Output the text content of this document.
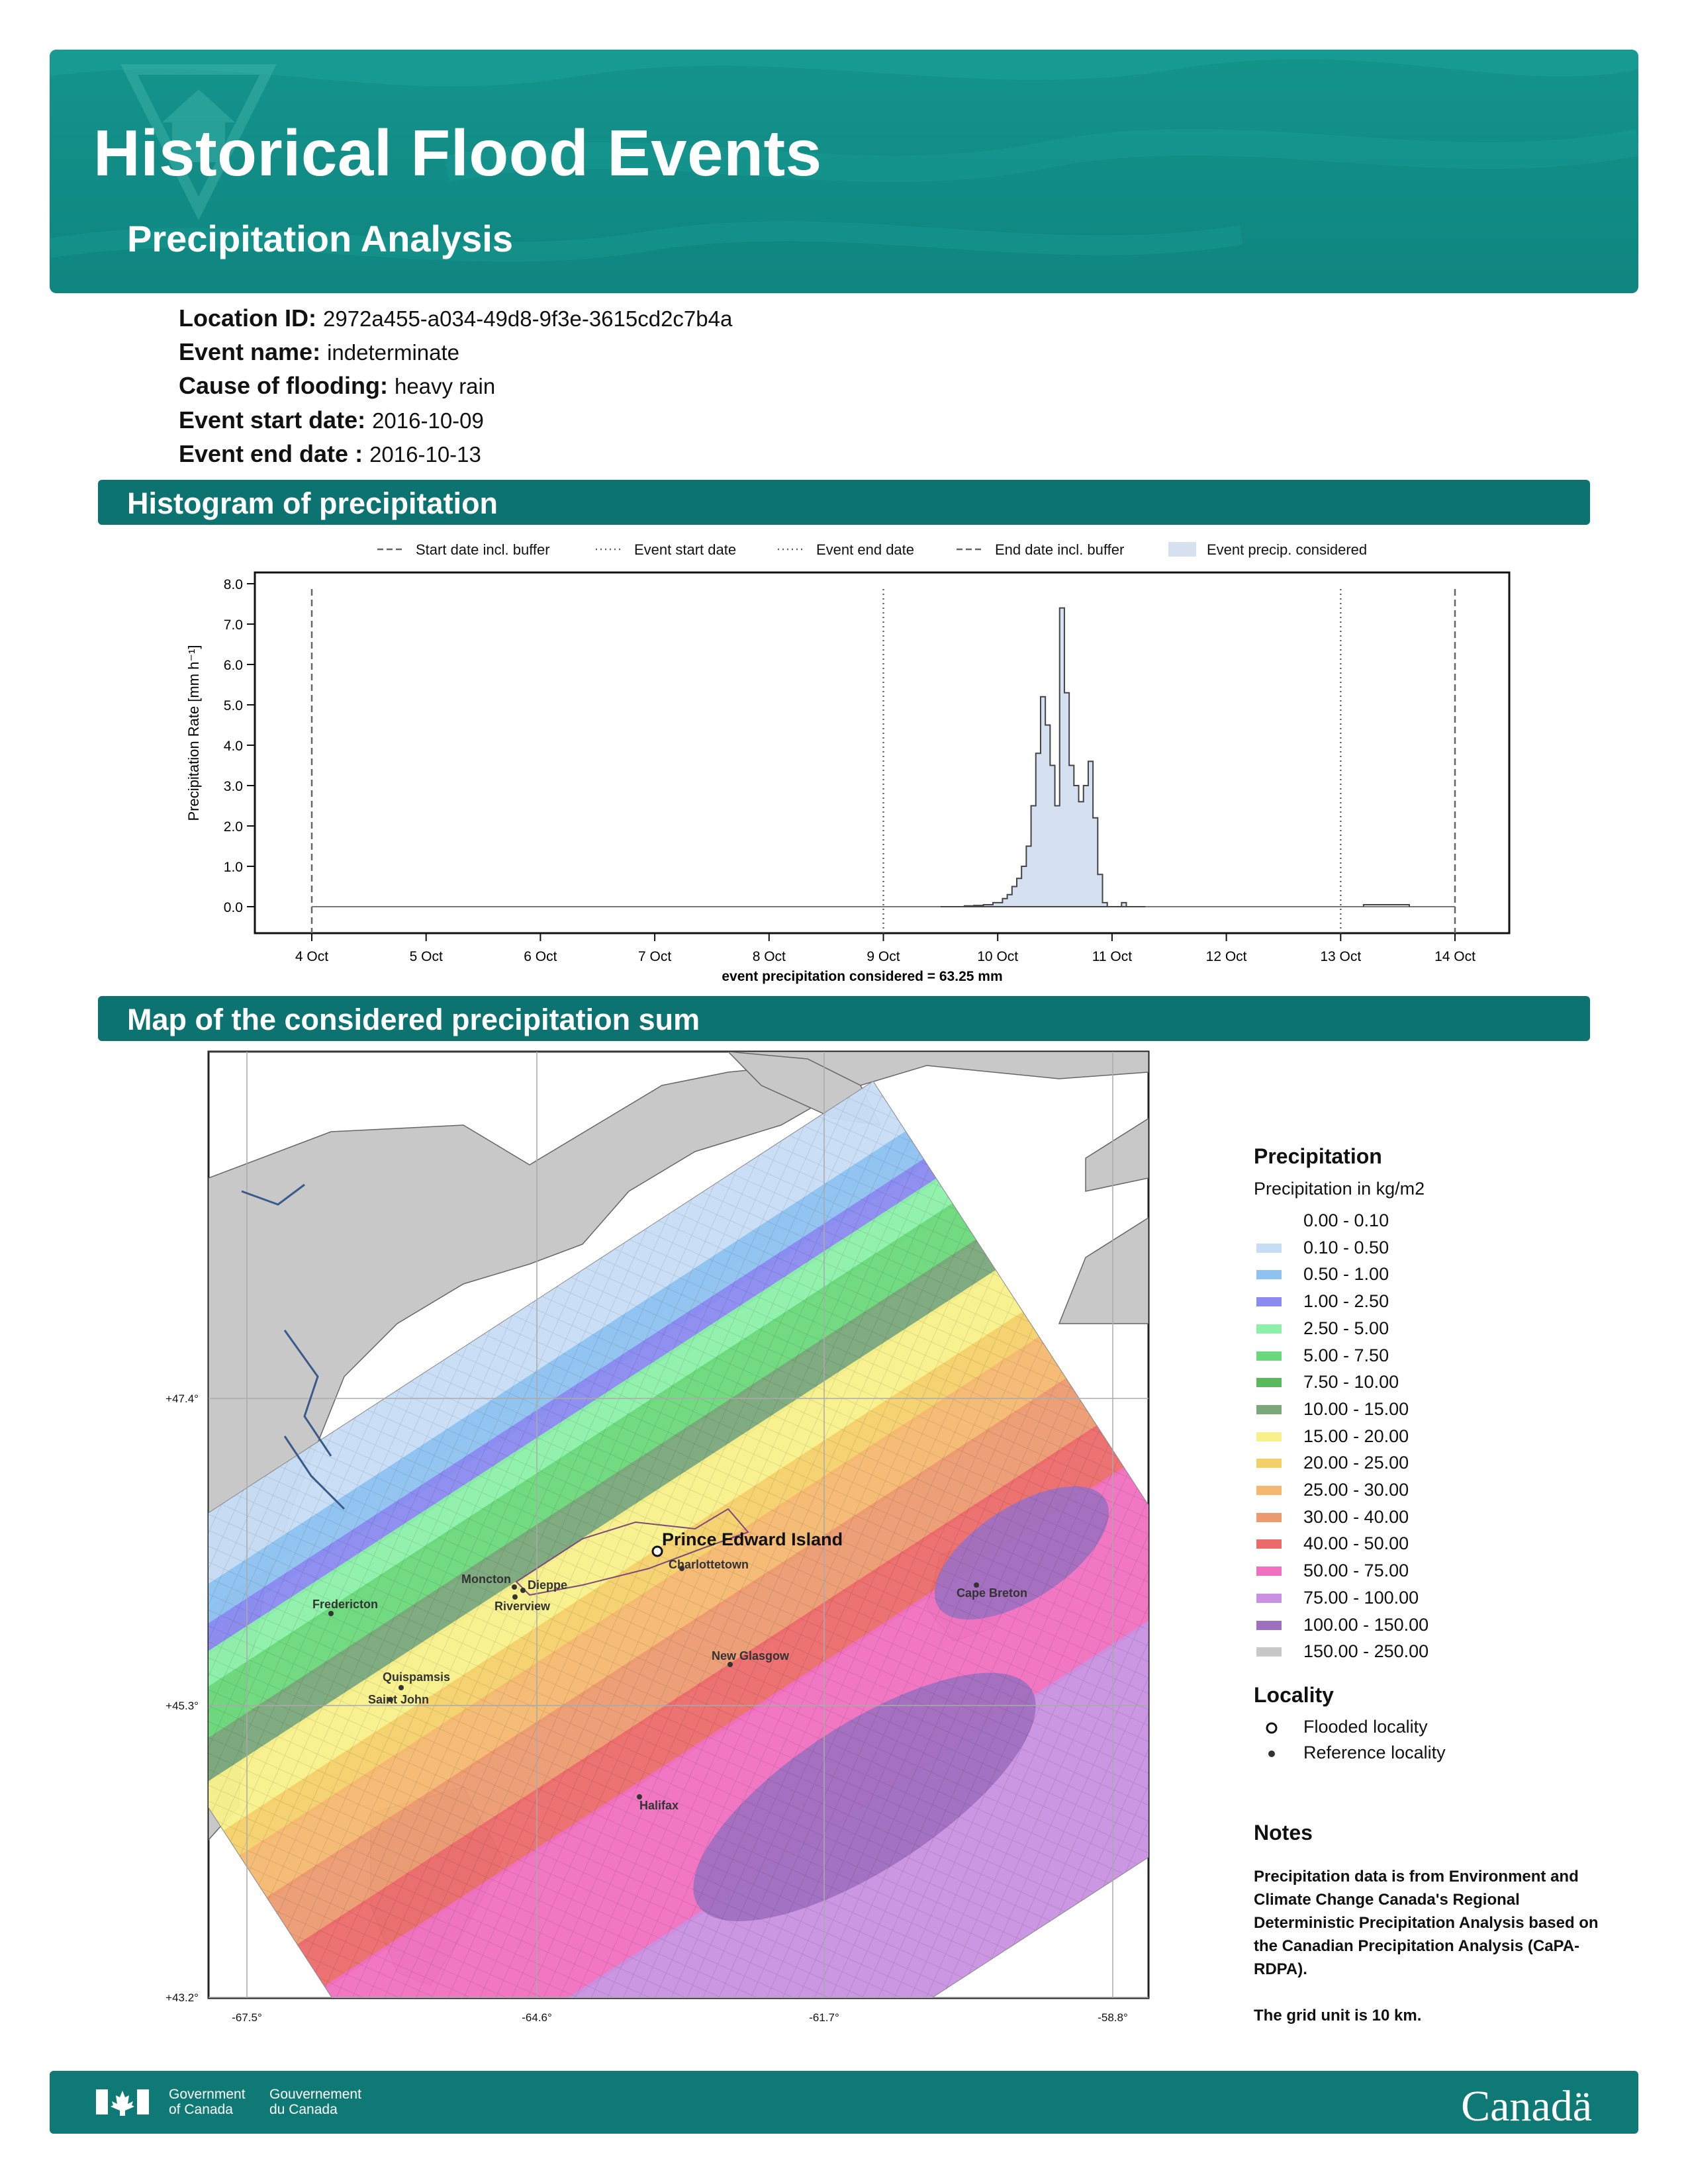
Historical Flood Events
Precipitation Analysis
Location ID: 2972a455-a034-49d8-9f3e-3615cd2c7b4a
Event name: indeterminate
Cause of flooding: heavy rain
Event start date: 2016-10-09
Event end date : 2016-10-13
Histogram of precipitation
Start date incl. buffer	Event start date	Event end date	End date incl. buffer	Event precip. considered
0.0
1.0
2.0
3.0
4.0
5.0
6.0
7.0
8.0
Precipitation Rate [mm h⁻¹]
4 Oct	5 Oct	6 Oct	7 Oct	8 Oct	9 Oct	10 Oct	11 Oct	12 Oct	13 Oct	14 Oct
event precipitation considered = 63.25 mm
Map of the considered precipitation sum
Prince Edward Island
Charlottetown
Moncton Dieppe
Riverview
Fredericton
Cape Breton
New Glasgow
Quispamsis
Saint John
Halifax
+47.4°
+45.3°
+43.2°
-67.5°	-64.6°	-61.7°	-58.8°
Precipitation
Precipitation in kg/m2
0.00 - 0.10
0.10 - 0.50
0.50 - 1.00
1.00 - 2.50
2.50 - 5.00
5.00 - 7.50
7.50 - 10.00
10.00 - 15.00
15.00 - 20.00
20.00 - 25.00
25.00 - 30.00
30.00 - 40.00
40.00 - 50.00
50.00 - 75.00
75.00 - 100.00
100.00 - 150.00
150.00 - 250.00
Locality
Flooded locality
Reference locality
Notes
Precipitation data is from Environment and Climate Change Canada's Regional Deterministic Precipitation Analysis based on the Canadian Precipitation Analysis (CaPA-RDPA).
The grid unit is 10 km.
Government
of Canada
Gouvernement
du Canada	Canadä
